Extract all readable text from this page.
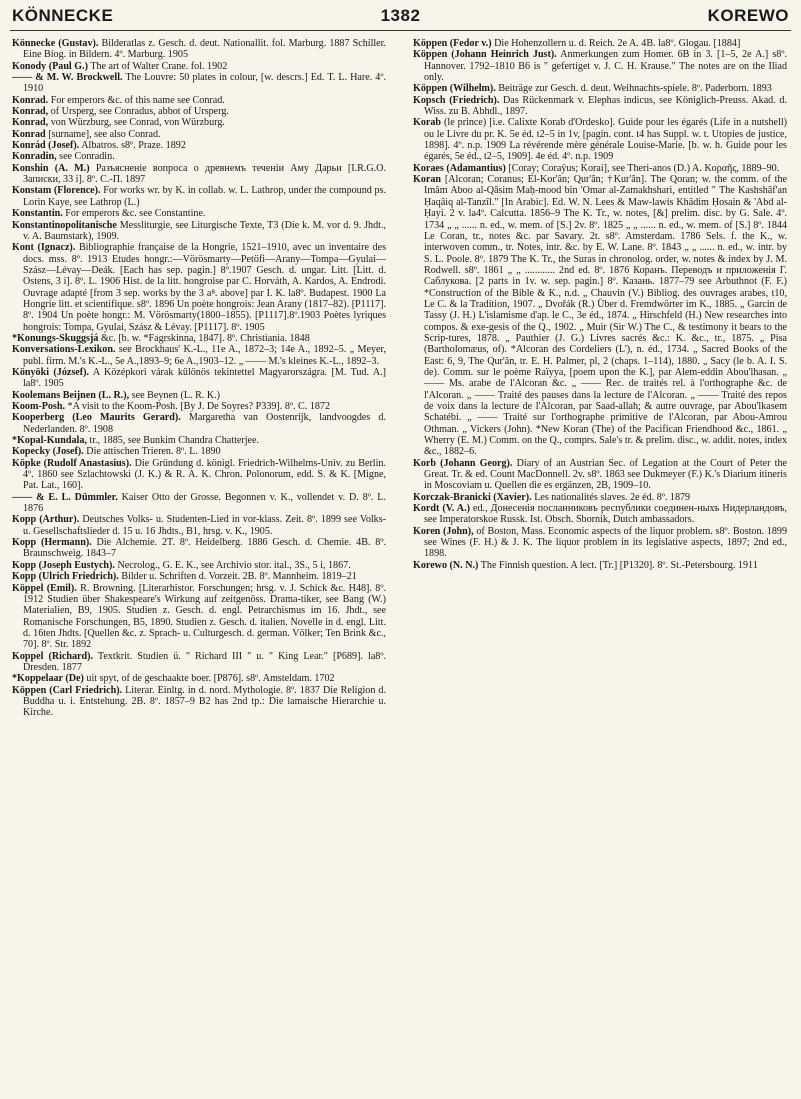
KÖNNECKE	1382	KOREWO

Könnecke (Gustav). Bilderatlas z. Gesch. d. deut. Nationallit. fol. Marburg. 1887 Schiller. Eine Biog. in Bildern. 4º. Marburg. 1905

Konody (Paul G.) The art of Walter Crane. fol. 1902

—— & M. W. Brockwell. The Louvre: 50 plates in colour, [w. descrs.] Ed. T. L. Hare. 4º. 1910

Konrad. For emperors &c. of this name see Conrad.

Konrad, of Ursperg, see Conradus, abbot of Ursperg.

Konrad, von Würzburg, see Conrad, von Würzburg.

Konrad [surname], see also Conrad.

Konrád (Josef). Albatros. s8º. Praze. 1892

Konradin, see Conradin.

Konshin (A. M.) Разъясненіе вопроса о древнемъ теченіи Аму Дарьи [I.R.G.O. Записки, 33 i]. 8º. C.-П. 1897

Konstam (Florence). For works wr. by K. in collab. w. L. Lathrop, under the compound ps. Lorin Kaye, see Lathrop (L.)

Konstantin. For emperors &c. see Constantine.

Konstantinopolitanische Messliturgie, see Liturgische Texte, T3 (Die k. M. vor d. 9. Jhdt., v. A. Baumstark), 1909.

Kont (Ignacz). Bibliographie française de la Hongrie, 1521–1910, avec un inventaire des docs. mss. 8º. 1913 Etudes hongr.:—Vörösmarty—Petöfi—Arany—Tompa—Gyulai—Szász—Lévay—Deák. [Each has sep. pagin.] 8º.1907 Gesch. d. ungar. Litt. [Litt. d. Ostens, 3 i]. 8º. L. 1906 Hist. de la litt. hongroise par C. Horváth, A. Kardos, A. Endrodi. Ouvrage adapté [from 3 sep. works by the 3 a⁸. above] par I. K. la8º. Budapest. 1900 La Hongrie litt. et scientifique. s8º. 1896 Un poète hongrois: Jean Arany (1817–82). [P1117]. 8º. 1904 Un poète hongr.: M. Vörösmarty(1800–1855). [P1117].8º.1903 Poètes lyriques hongrois: Tompa, Gyulai, Szász & Lévay. [P1117]. 8º. 1905

*Konungs-Skuggsjá &c. [b. w. *Fagrskinna, 1847]. 8º. Christiania. 1848

Konversations-Lexikon. see Brockhaus' K.-L., 11e A., 1872–3; 14e A., 1892–5. „ Meyer, publ. firm. M.'s K.-L., 5e A.,1893–9; 6e A.,1903–12. „ —— M.'s kleines K.-L., 1892–3.

Könyöki (József). A Középkori várak különös tekintettel Magyarországra. [M. Tud. A.] la8º. 1905

Koolemans Beijnen (L. R.), see Beynen (L. R. K.)

Koom-Posh. *A visit to the Koom-Posh. [By J. De Soyres? P339]. 8º. C. 1872

Kooperberg (Leo Maurits Gerard). Margaretha van Oostenrijk, landvoogdes d. Nederlanden. 8º. 1908

*Kopal-Kundala, tr., 1885, see Bunkim Chandra Chatterjee.

Kopecky (Josef). Die attischen Trieren. 8º. L. 1890

Köpke (Rudolf Anastasius). Die Gründung d. königl. Friedrich-Wilhelms-Univ. zu Berlin. 4º. 1860 see Szlachtowski (J. K.) & R. A. K. Chron. Polonorum, edd. S. & K. [Migne, Pat. Lat., 160].

—— & E. L. Dümmler. Kaiser Otto der Grosse. Begonnen v. K., vollendet v. D. 8º. L. 1876

Kopp (Arthur). Deutsches Volks- u. Studenten-Lied in vor-klass. Zeit. 8º. 1899 see Volks- u. Gesellschaftslieder d. 15 u. 16 Jhdts., B1, hrsg. v. K., 1905.

Kopp (Hermann). Die Alchemie. 2T. 8º. Heidelberg. 1886 Gesch. d. Chemie. 4B. 8º. Braunschweig. 1843–7

Kopp (Joseph Eustych). Necrolog., G. E. K., see Archivio stor. ital., 3S., 5 i, 1867.

Kopp (Ulrich Friedrich). Bilder u. Schriften d. Vorzeit. 2B. 8º. Mannheim. 1819–21

Köppel (Emil). R. Browning. [Literarhistor. Forschungen; hrsg. v. J. Schick &c. H48]. 8º. 1912 Studien über Shakespeare's Wirkung auf zeitgenöss. Drama-tiker, see Bang (W.) Materialien, B9, 1905. Studien z. Gesch. d. engl. Petrarchismus im 16. Jhdt., see Romanische Forschungen, B5, 1890. Studien z. Gesch. d. italien. Novelle in d. engl. Litt. d. 16ten Jhdts. [Quellen &c. z. Sprach- u. Culturgesch. d. german. Völker; Ten Brink &c., 70]. 8º. Str. 1892

Koppel (Richard). Textkrit. Studien ü. " Richard III " u. " King Lear." [P689]. la8º. Dresden. 1877

*Koppelaar (De) uit spyt, of de geschaakte boer. [P876]. s8º. Amsteldam. 1702

Köppen (Carl Friedrich). Literar. Einltg. in d. nord. Mythologie. 8º. 1837 Die Religion d. Buddha u. i. Entstehung. 2B. 8º. 1857–9 B2 has 2nd tp.: Die lamaische Hierarchie u. Kirche.

Köppen (Fedor v.) Die Hohenzollern u. d. Reich. 2e A. 4B. la8º. Glogau. [1884]

Köppen (Johann Heinrich Just). Anmerkungen zum Homer. 6B in 3. [1–5, 2e A.] s8º. Hannover. 1792–1810 B6 is " gefertiget v. J. C. H. Krause." The notes are on the Iliad only.

Köppen (Wilhelm). Beiträge zur Gesch. d. deut. Weihnachts-spiele. 8º. Paderborn. 1893

Kopsch (Friedrich). Das Rückenmark v. Elephas indicus, see Königlich-Preuss. Akad. d. Wiss. zu B. Abhdl., 1897.

Korab (le prince) [i.e. Calixte Korab d'Ordesko]. Guide pour les égarés (Life in a nutshell) ou le Livre du pr. K. 5e éd. t2–5 in 1v, [pagin. cont. t4 has Suppl. w. t. Utopies de justice, 1898]. 4º. n.p. 1909 La révérende mère générale Louise-Marie. [b. w. h. Guide pour les égarés, 5e éd., t2–5, 1909]. 4e éd. 4º. n.p. 1909

Koraes (Adamantius) [Coray; Coraÿus; Korai], see Theri-anos (D.) A. Κοραῆς, 1889–90.

Koran [Alcoran; Coranus; El-Kor'ân; Qur'ân; †Kur'ân]. The Qoran; w. the comm. of the Imâm Aboo al-Qâsim Maḥ-mood bin 'Omar al-Zamakhshari, entitled " The Kashshâf'an Ḥaqâiq al-Tanzîl." [In Arabic]. Ed. W. N. Lees & Maw-lawis Khâdim Ḥosain & 'Abd al-Ḥayi. 2 v. la4º. Calcutta. 1856–9 The K. Tr., w. notes, [&] prelim. disc. by G. Sale. 4º. 1734 „ „ ...... n. ed., w. mem. of [S.] 2v. 8º. 1825 „ „ ...... n. ed., w. mem. of [S.] 8º. 1844 Le Coran, tr., notes &c. par Savary. 2t. s8º. Amsterdam. 1786 Sels. f. the K., w. interwoven comm., tr. Notes, intr. &c. by E. W. Lane. 8º. 1843 „ „ ...... n. ed., w. intr. by S. L. Poole. 8º. 1879 The K. Tr., the Suras in chronolog. order, w. notes & index by J. M. Rodwell. s8º. 1861 „ „ ............ 2nd ed. 8º. 1876 Коранъ. Переводъ и приложенія Г. Саблукова. [2 parts in 1v. w. sep. pagin.] 8º. Казань. 1877–79 see Arbuthnot (F. F.) *Construction of the Bible & K., n.d. „ Chauvin (V.) Bibliog. des ouvrages arabes, t10, Le C. & la Tradition, 1907. „ Dvořák (R.) Über d. Fremdwörter im K., 1885. „ Garcin de Tassy (J. H.) L'islamisme d'ap. le C., 3e éd., 1874. „ Hirschfeld (H.) New researches into compos. & exe-gesis of the Q., 1902. „ Muir (Sir W.) The C., & testimony it bears to the Scrip-tures, 1878. „ Pauthier (J. G.) Livres sacrés &c.: K. &c., tr., 1875. „ Pisa (Bartholomæus, of). *Alcoran des Cordeliers (L'), n. éd., 1734. „ Sacred Books of the East: 6, 9, The Qur'ân, tr. E. H. Palmer, pl, 2 (chaps. 1–114), 1880. „ Sacy (le b. A. I. S. de). Comm. sur le poème Raïyya, [poem upon the K.], par Alem-eddin Abou'lhasan. „ —— Ms. arabe de l'Alcoran &c. „ —— Rec. de traités rel. à l'orthographe &c. de l'Alcoran. „ —— Traité des pauses dans la lecture de l'Alcoran. „ —— Traité des repos de voix dans la lecture de l'Alcoran, par Saad-allah; & autre ouvrage, par Abou'lkasem Schatébi. „ —— Traité sur l'orthographe primitive de l'Alcoran, par Abou-Amrou Othman. „ Vickers (John). *New Koran (The) of the Pacifican Friendhood &c., 1861. „ Wherry (E. M.) Comm. on the Q., comprs. Sale's tr. & prelim. disc., w. addit. notes, index &c., 1882–6.

Korb (Johann Georg). Diary of an Austrian Sec. of Legation at the Court of Peter the Great. Tr. & ed. Count MacDonnell. 2v. s8º. 1863 see Dukmeyer (F.) K.'s Diarium itineris in Moscoviam u. Quellen die es ergänzen, 2B, 1909–10.

Korczak-Branicki (Xavier). Les nationalités slaves. 2e éd. 8º. 1879

Kordt (V. A.) ed., Донесенія посланниковъ республики соединен-ныхъ Нидерландовъ, see Imperatorskoe Russk. Ist. Obsch. Sbornik, Dutch ambassadors.

Koren (John), of Boston, Mass. Economic aspects of the liquor problem. s8º. Boston. 1899 see Wines (F. H.) & J. K. The liquor problem in its legislative aspects, 1897; 2nd ed., 1898.

Korewo (N. N.) The Finnish question. A lect. [Tr.] [P1320]. 8º. St.-Petersbourg. 1911
